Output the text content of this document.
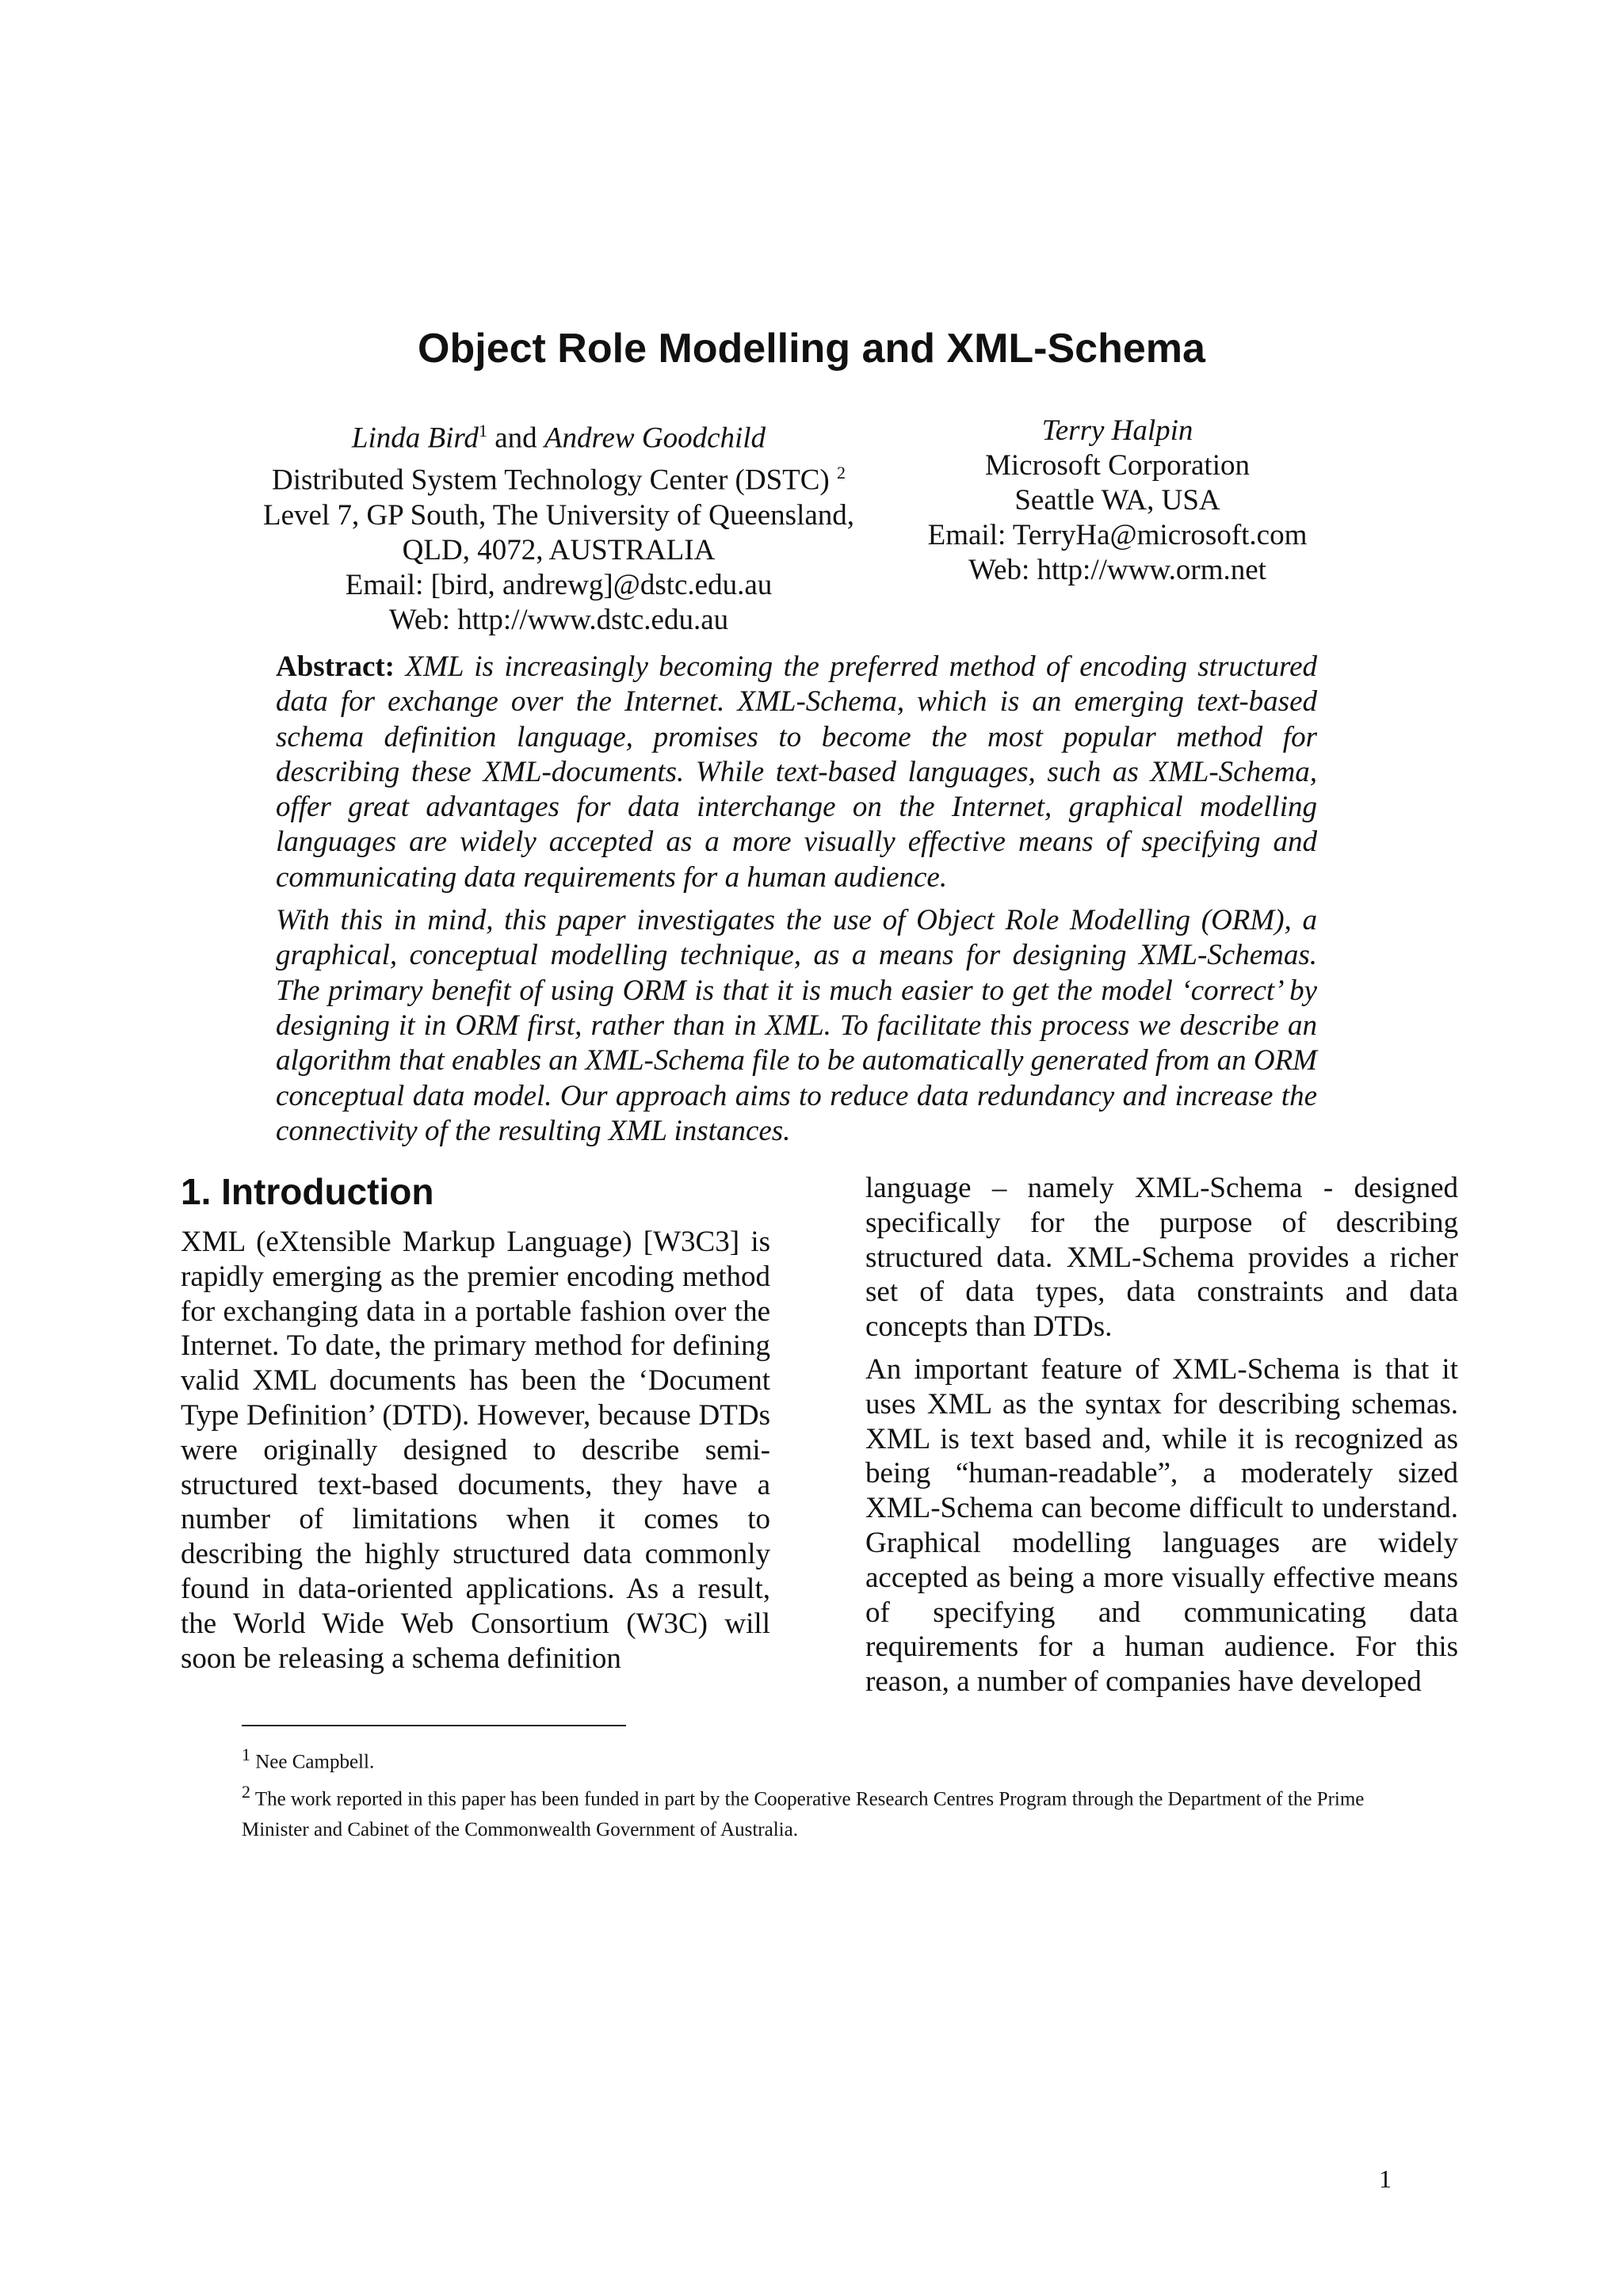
Object Role Modelling and XML-Schema
Linda Bird$^1$ and Andrew Goodchild
Distributed System Technology Center (DSTC) $^2$
Level 7, GP South, The University of Queensland,
QLD, 4072, AUSTRALIA
Email: [bird, andrewg]@dstc.edu.au
Web: http://www.dstc.edu.au
Terry Halpin
Microsoft Corporation
Seattle WA, USA
Email: TerryHa@microsoft.com
Web: http://www.orm.net

Abstract: XML is increasingly becoming the preferred method of encoding structured data for exchange over the Internet. XML-Schema, which is an emerging text-based schema definition language, promises to become the most popular method for describing these XML-documents. While text-based languages, such as XML-Schema, offer great advantages for data interchange on the Internet, graphical modelling languages are widely accepted as a more visually effective means of specifying and communicating data requirements for a human audience.

With this in mind, this paper investigates the use of Object Role Modelling (ORM), a graphical, conceptual modelling technique, as a means for designing XML-Schemas. The primary benefit of using ORM is that it is much easier to get the model ‘correct’ by designing it in ORM first, rather than in XML. To facilitate this process we describe an algorithm that enables an XML-Schema file to be automatically generated from an ORM conceptual data model. Our approach aims to reduce data redundancy and increase the connectivity of the resulting XML instances.

1. Introduction

XML (eXtensible Markup Language) [W3C3] is rapidly emerging as the premier encoding method for exchanging data in a portable fashion over the Internet. To date, the primary method for defining valid XML documents has been the ‘Document Type Definition’ (DTD). However, because DTDs were originally designed to describe semi-structured text-based documents, they have a number of limitations when it comes to describing the highly structured data commonly found in data-oriented applications. As a result, the World Wide Web Consortium (W3C) will soon be releasing a schema definition

language – namely XML-Schema - designed specifically for the purpose of describing structured data. XML-Schema provides a richer set of data types, data constraints and data concepts than DTDs.

An important feature of XML-Schema is that it uses XML as the syntax for describing schemas. XML is text based and, while it is recognized as being “human-readable”, a moderately sized XML-Schema can become difficult to understand. Graphical modelling languages are widely accepted as being a more visually effective means of specifying and communicating data requirements for a human audience. For this reason, a number of companies have developed

$^1$ Nee Campbell.
$^2$ The work reported in this paper has been funded in part by the Cooperative Research Centres Program through the Department of the Prime Minister and Cabinet of the Commonwealth Government of Australia.
1
